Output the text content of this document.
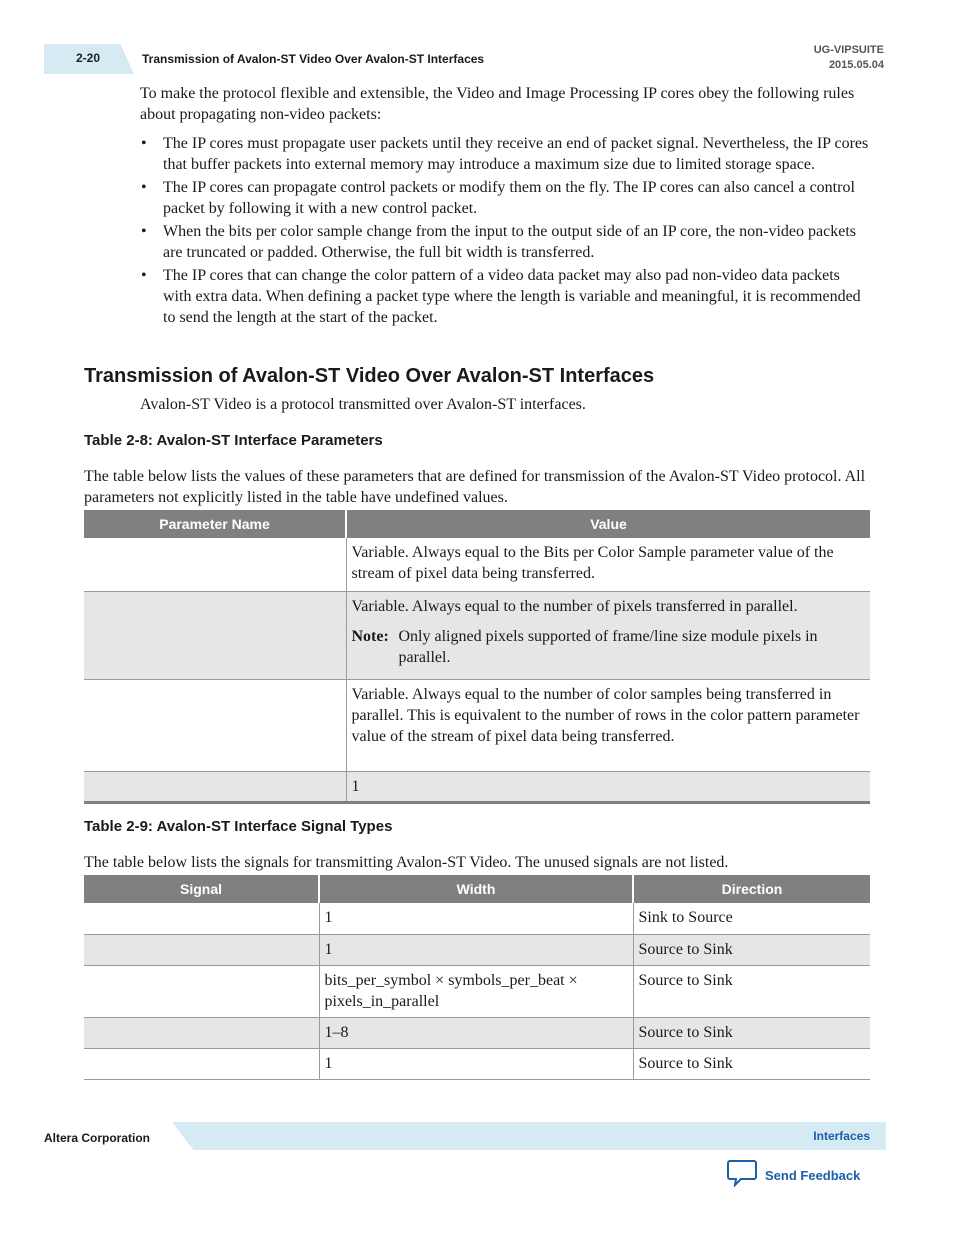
2-20	Transmission of Avalon-ST Video Over Avalon-ST Interfaces
UG-VIPSUITE
2015.05.04
To make the protocol flexible and extensible, the Video and Image Processing IP cores obey the following rules about propagating non-video packets:
• The IP cores must propagate user packets until they receive an end of packet signal. Nevertheless, the IP cores that buffer packets into external memory may introduce a maximum size due to limited storage space.
• The IP cores can propagate control packets or modify them on the fly. The IP cores can also cancel a control packet by following it with a new control packet.
• When the bits per color sample change from the input to the output side of an IP core, the non-video packets are truncated or padded. Otherwise, the full bit width is transferred.
• The IP cores that can change the color pattern of a video data packet may also pad non-video data packets with extra data. When defining a packet type where the length is variable and meaningful, it is recommended to send the length at the start of the packet.
Transmission of Avalon-ST Video Over Avalon-ST Interfaces
Avalon-ST Video is a protocol transmitted over Avalon-ST interfaces.
Table 2-8: Avalon-ST Interface Parameters
The table below lists the values of these parameters that are defined for transmission of the Avalon-ST Video protocol. All parameters not explicitly listed in the table have undefined values.
Parameter Name	Value
	Variable. Always equal to the Bits per Color Sample parameter value of the stream of pixel data being transferred.

	Variable. Always equal to the number of pixels transferred in parallel.
Note: Only aligned pixels supported of frame/line size module pixels in parallel.

	Variable. Always equal to the number of color samples being transferred in parallel. This is equivalent to the number of rows in the color pattern parameter value of the stream of pixel data being transferred.
	1
Table 2-9: Avalon-ST Interface Signal Types
The table below lists the signals for transmitting Avalon-ST Video. The unused signals are not listed.
Signal	Width	Direction
	1	Sink to Source
	1	Source to Sink
	bits_per_symbol × symbols_per_beat × pixels_in_parallel	Source to Sink
	1–8	Source to Sink
	1	Source to Sink
Altera Corporation	Interfaces
Send Feedback
